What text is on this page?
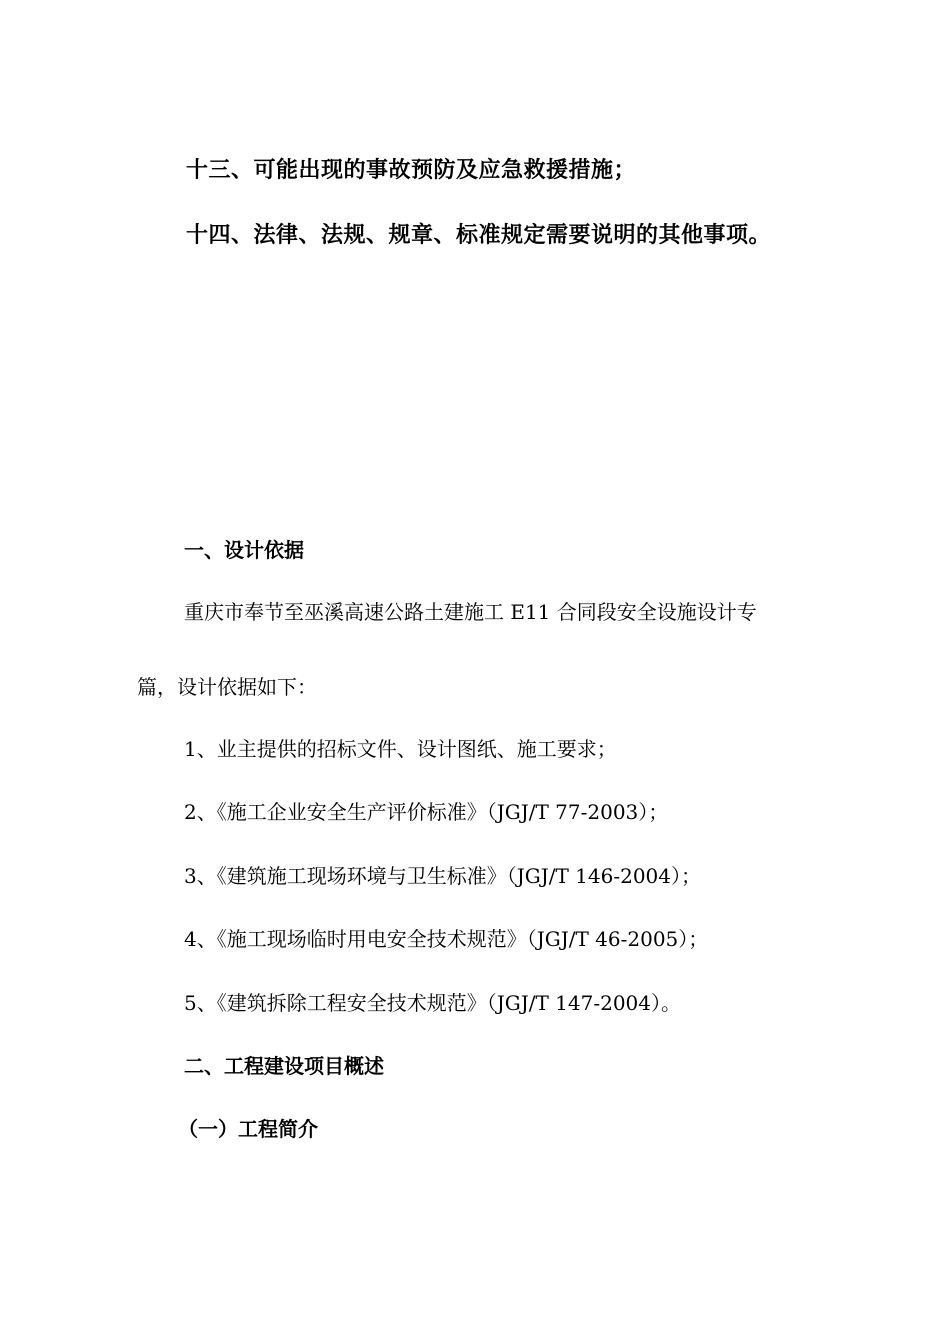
十三、可能出现的事故预防及应急救援措施；
十四、法律、法规、规章、标准规定需要说明的其他事项。
一、设计依据
重庆市奉节至巫溪高速公路土建施工 E11 合同段安全设施设计专
篇，设计依据如下：
1、业主提供的招标文件、设计图纸、施工要求；
2、《施工企业安全生产评价标准》（JGJ/T 77-2003）；
3、《建筑施工现场环境与卫生标准》（JGJ/T 146-2004）；
4、《施工现场临时用电安全技术规范》（JGJ/T 46-2005）；
5、《建筑拆除工程安全技术规范》（JGJ/T 147-2004）。
二、工程建设项目概述
（一）工程简介
